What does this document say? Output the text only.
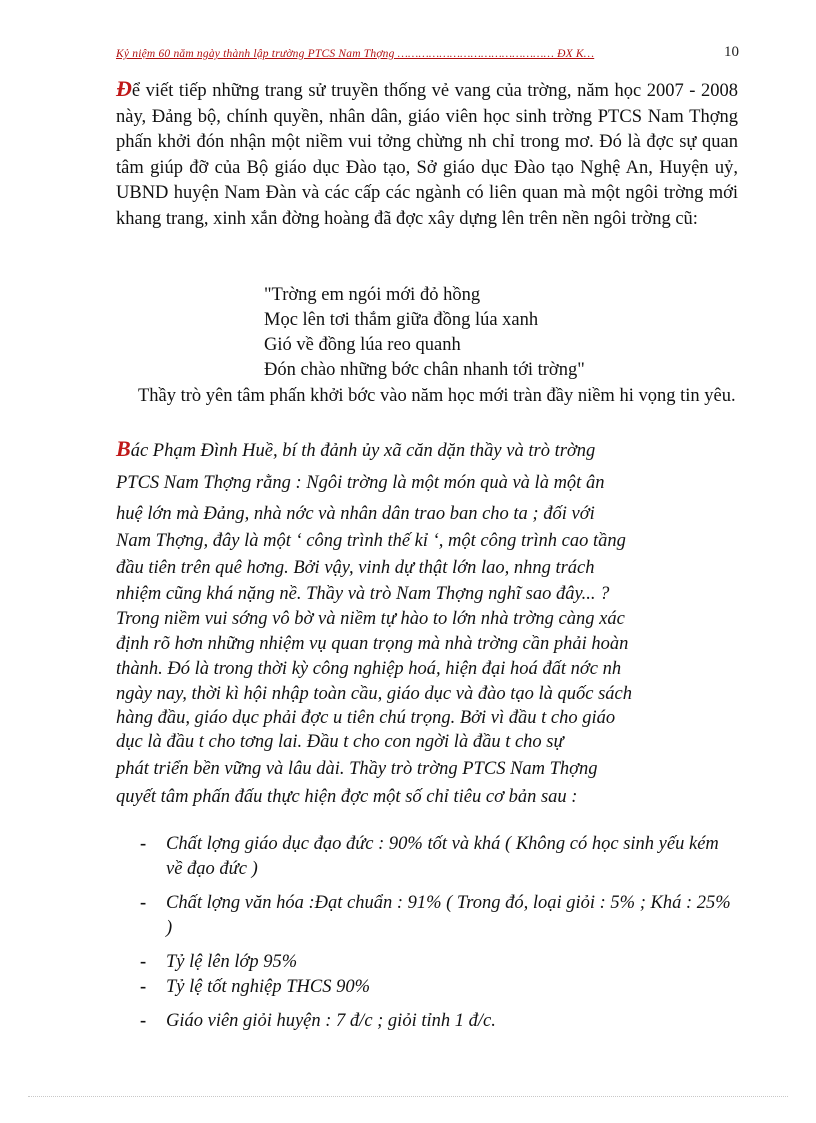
Kỷ niệm 60 năm ngày thành lập trường PTCS Nam Thợng ……………………………………… ĐX K…	10
Để viết tiếp những trang sử truyền thống vẻ vang của trờng, năm học 2007 - 2008 này, Đảng bộ, chính quyền, nhân dân, giáo viên học sinh trờng PTCS Nam Thợng phấn khởi đón nhận một niềm vui tởng chừng nh chỉ trong mơ. Đó là đợc sự quan tâm giúp đỡ của Bộ giáo dục Đào tạo, Sở giáo dục Đào tạo Nghệ An, Huyện uỷ, UBND huyện Nam Đàn và các cấp các ngành có liên quan mà một ngôi trờng mới khang trang, xinh xắn đờng hoàng đã đợc xây dựng lên trên nền ngôi trờng cũ:
"Trờng em ngói mới đỏ hồng
Mọc lên tơi thắm giữa đồng lúa xanh
Gió về đồng lúa reo quanh
Đón chào những bớc chân nhanh tới trờng"
Thầy trò yên tâm phấn khởi bớc vào năm học mới tràn đầy niềm hi vọng tin yêu.
Bác Phạm Đình Huề, bí th đảnh ủy xã căn dặn thầy và trò trờng
PTCS Nam Thợng rằng : Ngôi trờng là một món quà và là một ân
huệ lớn mà Đảng, nhà nớc và nhân dân trao ban cho ta ; đối với
Nam Thợng, đây là một ‘ công trình thế kỉ ‘, một công trình cao tầng
đầu tiên trên quê hơng. Bởi vậy, vinh dự thật lớn lao, nhng trách
nhiệm cũng khá nặng nề. Thầy và trò Nam Thợng nghĩ sao đây... ?
Trong niềm vui sớng vô bờ và niềm tự hào to lớn nhà trờng càng xác
định rõ hơn những nhiệm vụ quan trọng mà nhà trờng cần phải hoàn
thành. Đó là trong thời kỳ công nghiệp hoá, hiện đại hoá đất nớc nh
ngày nay, thời kì hội nhập toàn cầu, giáo dục và đào tạo là quốc sách
hàng đầu, giáo dục phải đợc u tiên chú trọng. Bởi vì đầu t cho giáo
dục là đầu t cho tơng lai. Đầu t cho con ngời là đầu t cho sự
phát triển bền vững và lâu dài. Thầy trò trờng PTCS Nam Thợng
quyết tâm phấn đấu thực hiện đợc một số chỉ tiêu cơ bản sau :
- Chất lợng giáo dục đạo đức : 90% tốt và khá ( Không có học sinh yếu kém về đạo đức )
- Chất lợng văn hóa :Đạt chuẩn : 91% ( Trong đó, loại giỏi : 5% ; Khá : 25% )
- Tỷ lệ lên lớp 95%
- Tỷ lệ tốt nghiệp THCS 90%
- Giáo viên giỏi huyện : 7 đ/c ; giỏi tỉnh 1 đ/c.
